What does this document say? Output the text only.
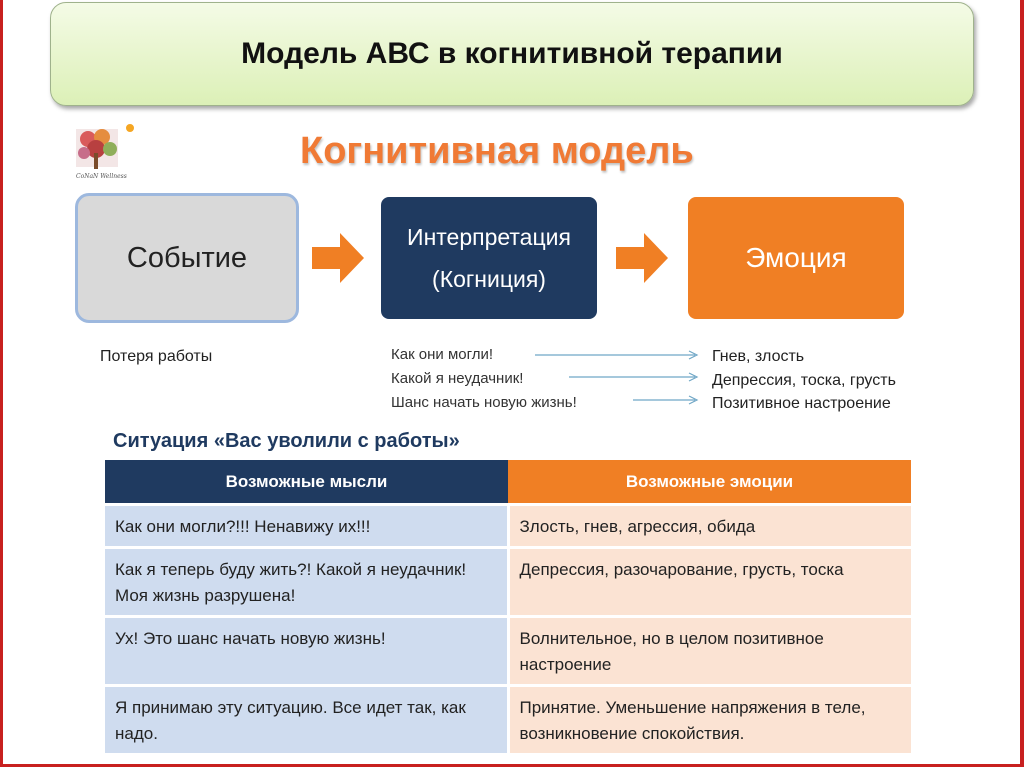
Модель АВС в когнитивной терапии
CoNaN Wellness
Когнитивная модель
Событие
Интерпретация
(Когниция)
Эмоция
Потеря работы	Как они могли!
Какой я неудачник!
Шанс начать новую жизнь!
Гнев, злость
Депрессия, тоска, грусть
Позитивное настроение
Ситуация «Вас уволили с работы»
Возможные мысли	Возможные эмоции
Как они могли?!!! Ненавижу их!!!	Злость, гнев, агрессия, обида
Как я теперь буду жить?! Какой я неудачник! Моя жизнь разрушена!	Депрессия, разочарование, грусть, тоска
Ух! Это шанс начать новую жизнь!	Волнительное, но в целом позитивное настроение
Я принимаю эту ситуацию. Все идет так, как надо.	Принятие. Уменьшение напряжения в теле, возникновение спокойствия.
